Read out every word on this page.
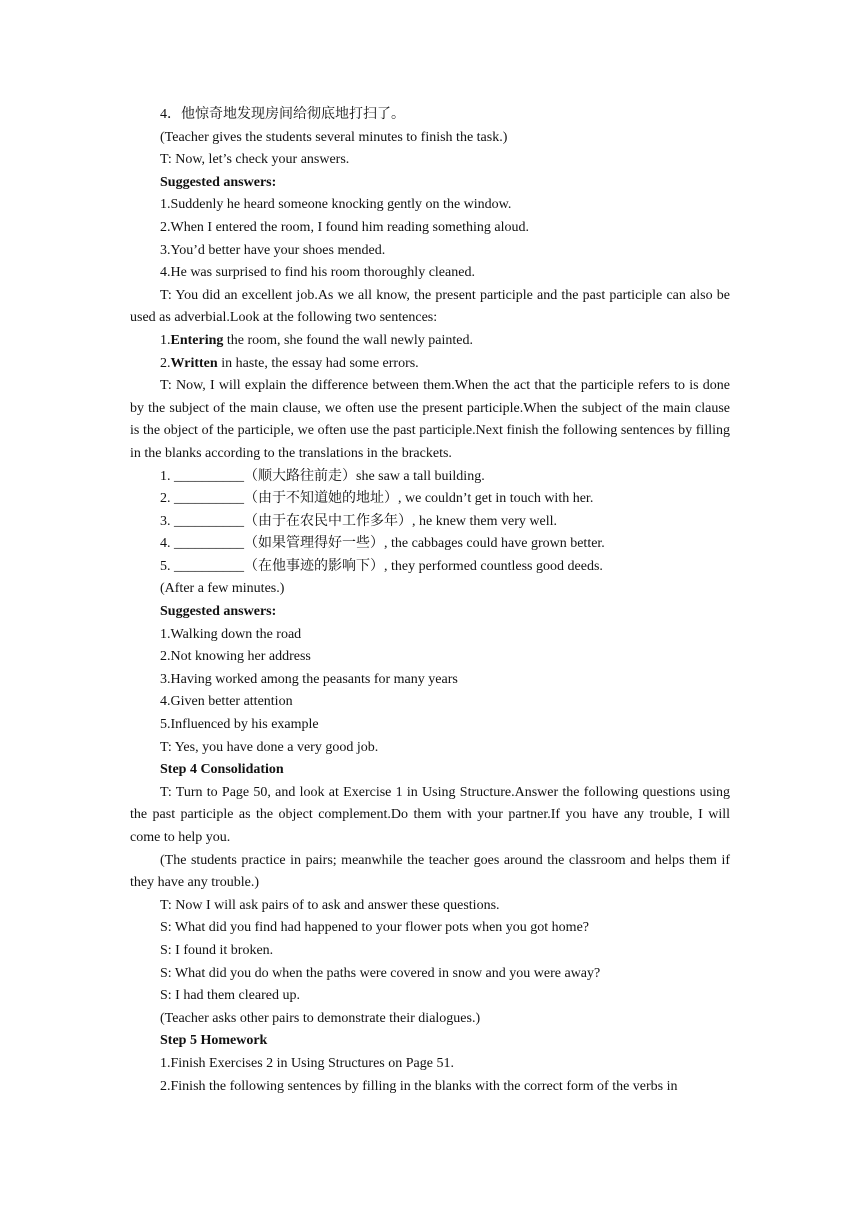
4．他惊奇地发现房间给彻底地打扫了。
(Teacher gives the students several minutes to finish the task.)
T: Now, let’s check your answers.
Suggested answers:
1.Suddenly he heard someone knocking gently on the window.
2.When I entered the room, I found him reading something aloud.
3.You’d better have your shoes mended.
4.He was surprised to find his room thoroughly cleaned.
T: You did an excellent job.As we all know, the present participle and the past participle can also be used as adverbial.Look at the following two sentences:
1.Entering the room, she found the wall newly painted.
2.Written in haste, the essay had some errors.
T: Now, I will explain the difference between them.When the act that the participle refers to is done by the subject of the main clause, we often use the present participle.When the subject of the main clause is the object of the participle, we often use the past participle.Next finish the following sentences by filling in the blanks according to the translations in the brackets.
1. __________（顺大路往前走）she saw a tall building.
2. __________（由于不知道她的地址）, we couldn’t get in touch with her.
3. __________（由于在农民中工作多年）, he knew them very well.
4. __________（如果管理得好一些）, the cabbages could have grown better.
5. __________（在他事迹的影响下）, they performed countless good deeds.
(After a few minutes.)
Suggested answers:
1.Walking down the road
2.Not knowing her address
3.Having worked among the peasants for many years
4.Given better attention
5.Influenced by his example
T: Yes, you have done a very good job.
Step 4 Consolidation
T: Turn to Page 50, and look at Exercise 1 in Using Structure.Answer the following questions using the past participle as the object complement.Do them with your partner.If you have any trouble, I will come to help you.
(The students practice in pairs; meanwhile the teacher goes around the classroom and helps them if they have any trouble.)
T: Now I will ask pairs of to ask and answer these questions.
S: What did you find had happened to your flower pots when you got home?
S: I found it broken.
S: What did you do when the paths were covered in snow and you were away?
S: I had them cleared up.
(Teacher asks other pairs to demonstrate their dialogues.)
Step 5 Homework
1.Finish Exercises 2 in Using Structures on Page 51.
2.Finish the following sentences by filling in the blanks with the correct form of the verbs in
